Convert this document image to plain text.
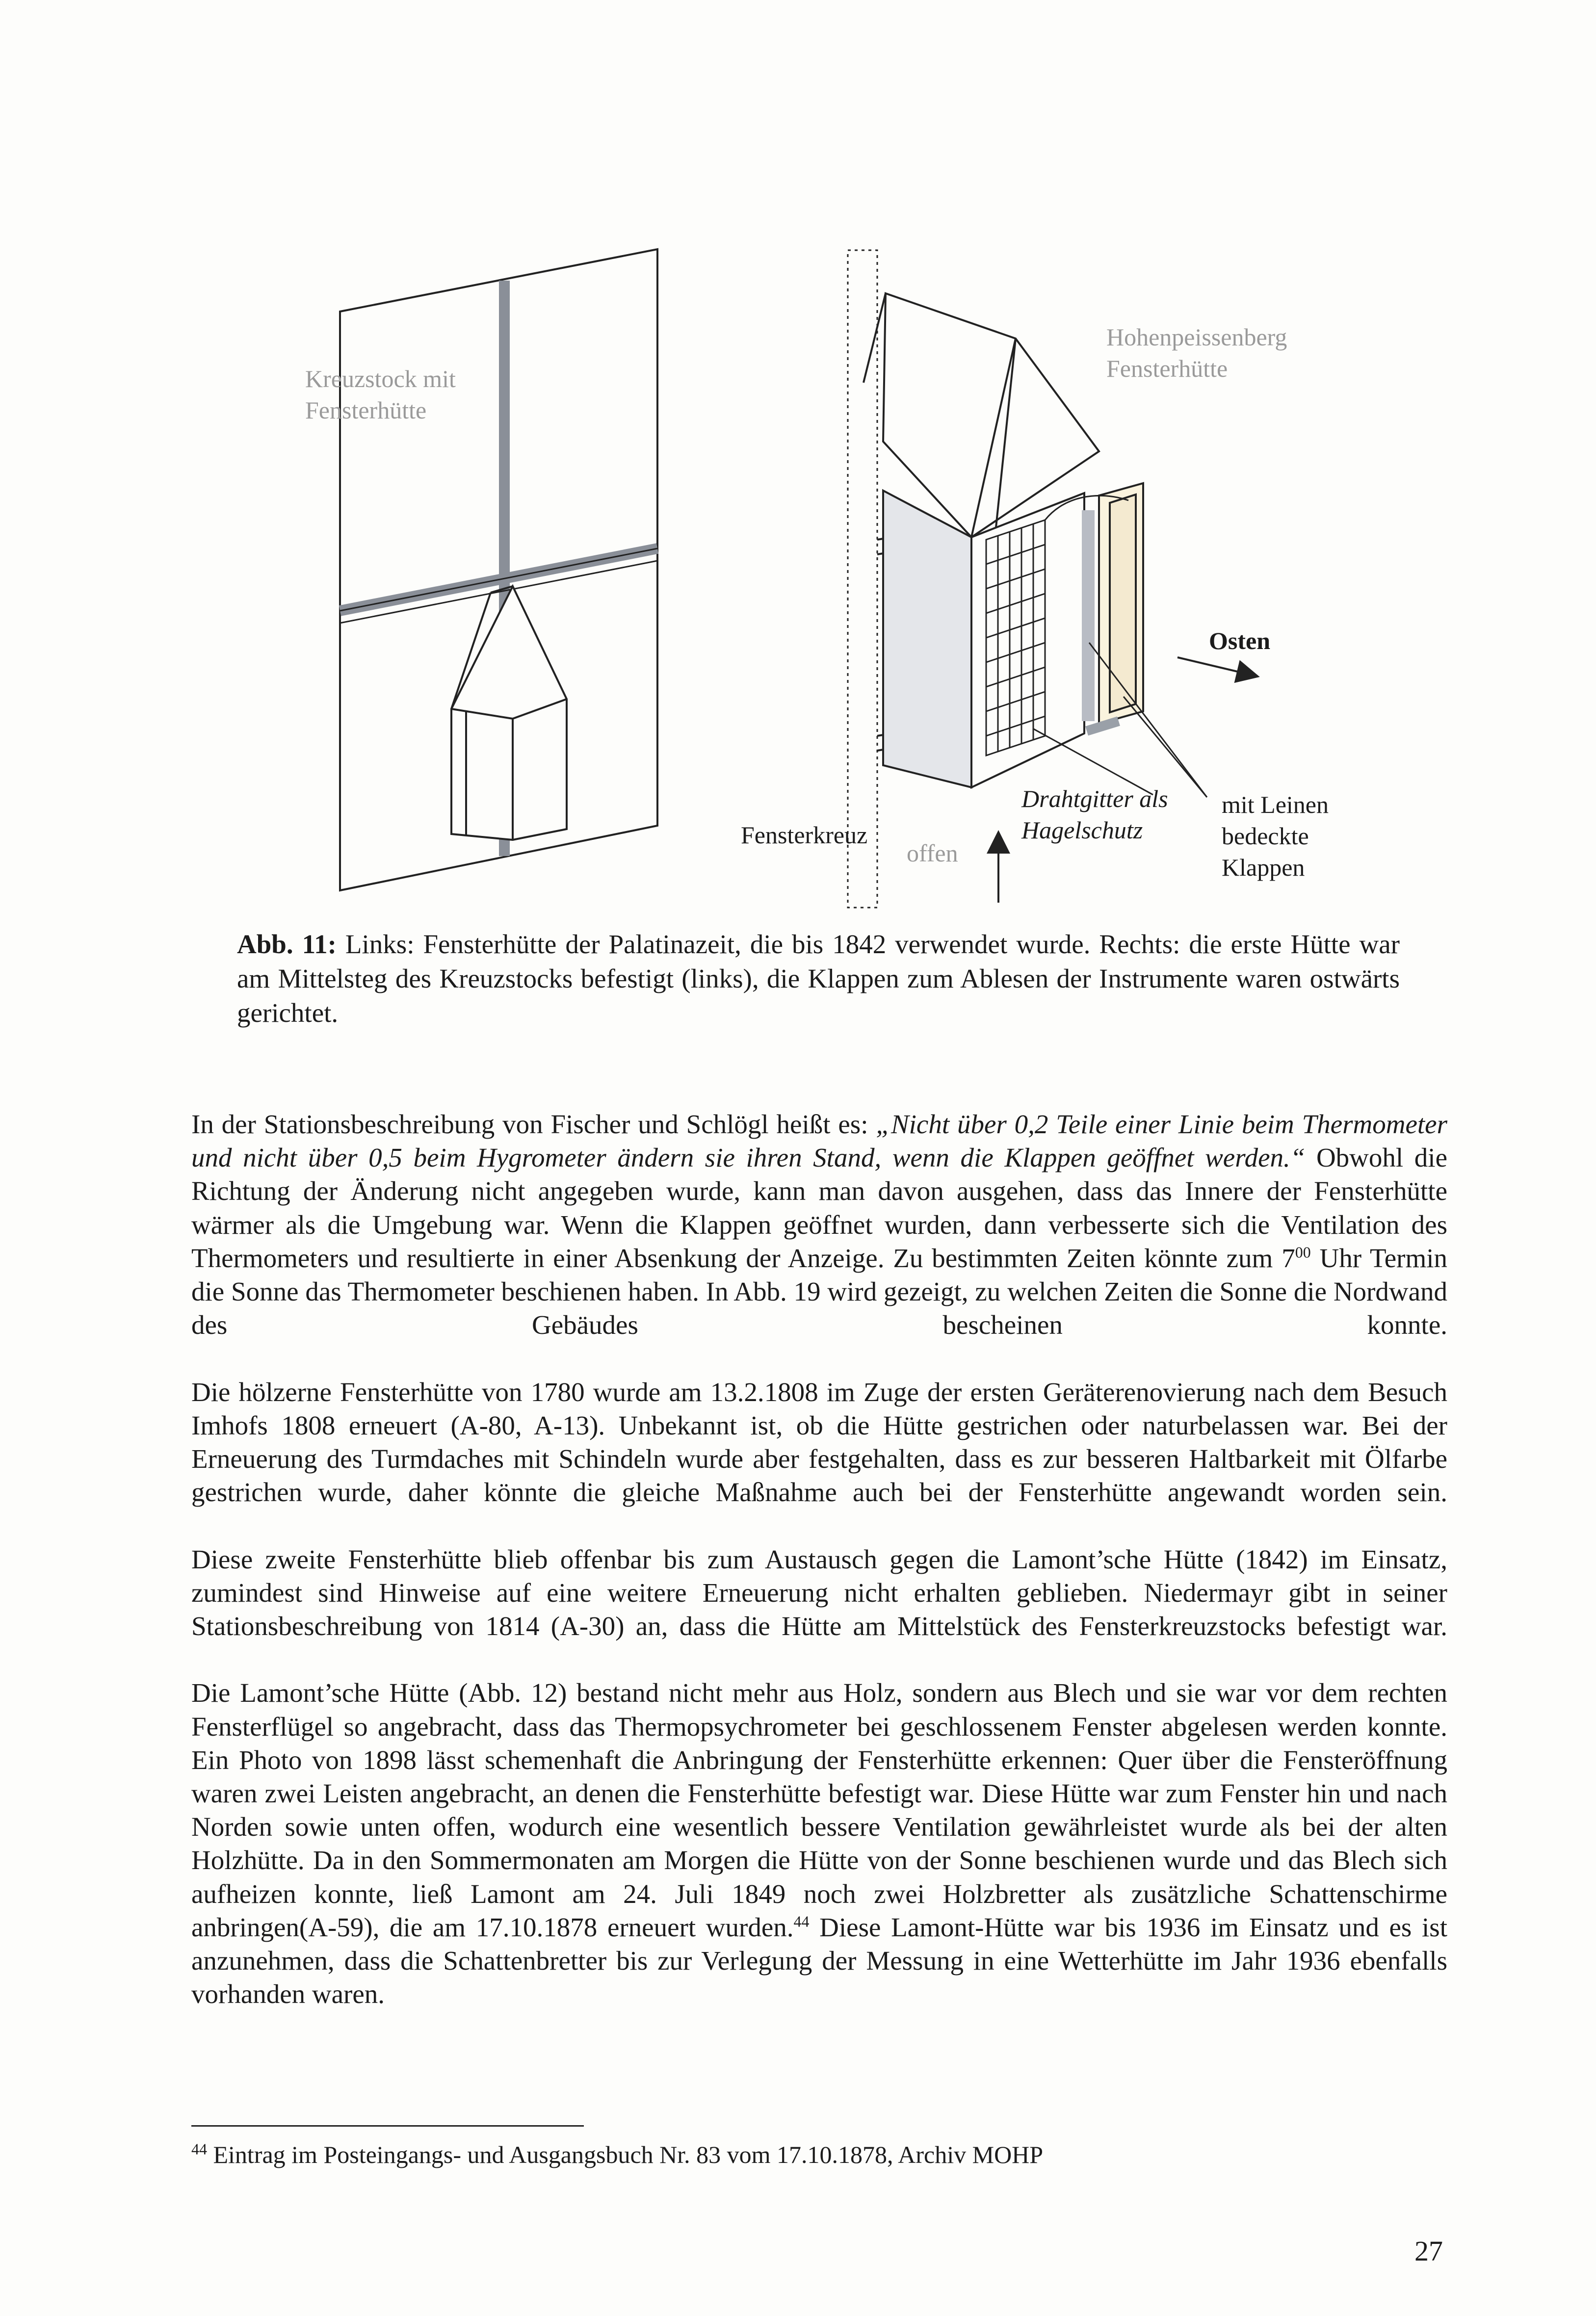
Kreuzstock mit
Fensterhütte
Hohenpeissenberg
Fensterhütte
Osten
Fensterkreuz
offen
Drahtgitter als
Hagelschutz
mit Leinen
bedeckte
Klappen
Abb. 11: Links: Fensterhütte der Palatinazeit, die bis 1842 verwendet wurde. Rechts: die erste Hütte war am Mittelsteg des Kreuzstocks befestigt (links), die Klappen zum Ablesen der Instrumente waren ostwärts gerichtet.

In der Stationsbeschreibung von Fischer und Schlögl heißt es: „Nicht über 0,2 Teile einer Linie beim Thermometer und nicht über 0,5 beim Hygrometer ändern sie ihren Stand, wenn die Klappen geöffnet werden.“ Obwohl die Richtung der Änderung nicht angegeben wurde, kann man davon ausgehen, dass das Innere der Fensterhütte wärmer als die Umgebung war. Wenn die Klappen geöffnet wurden, dann verbesserte sich die Ventilation des Thermometers und resultierte in einer Absenkung der Anzeige. Zu bestimmten Zeiten könnte zum $7^{00}$ Uhr Termin die Sonne das Thermometer beschienen haben. In Abb. 19 wird gezeigt, zu welchen Zeiten die Sonne die Nordwand des Gebäudes bescheinen konnte.

Die hölzerne Fensterhütte von 1780 wurde am 13.2.1808 im Zuge der ersten Geräterenovierung nach dem Besuch Imhofs 1808 erneuert (A-80, A-13). Unbekannt ist, ob die Hütte gestrichen oder naturbelassen war. Bei der Erneuerung des Turmdaches mit Schindeln wurde aber festgehalten, dass es zur besseren Haltbarkeit mit Ölfarbe gestrichen wurde, daher könnte die gleiche Maßnahme auch bei der Fensterhütte angewandt worden sein.

Diese zweite Fensterhütte blieb offenbar bis zum Austausch gegen die Lamont’sche Hütte (1842) im Einsatz, zumindest sind Hinweise auf eine weitere Erneuerung nicht erhalten geblieben. Niedermayr gibt in seiner Stationsbeschreibung von 1814 (A-30) an, dass die Hütte am Mittelstück des Fensterkreuzstocks befestigt war.

Die Lamont’sche Hütte (Abb. 12) bestand nicht mehr aus Holz, sondern aus Blech und sie war vor dem rechten Fensterflügel so angebracht, dass das Thermopsychrometer bei geschlossenem Fenster abgelesen werden konnte. Ein Photo von 1898 lässt schemenhaft die Anbringung der Fensterhütte erkennen: Quer über die Fensteröffnung waren zwei Leisten angebracht, an denen die Fensterhütte befestigt war. Diese Hütte war zum Fenster hin und nach Norden sowie unten offen, wodurch eine wesentlich bessere Ventilation gewährleistet wurde als bei der alten Holzhütte. Da in den Sommermonaten am Morgen die Hütte von der Sonne beschienen wurde und das Blech sich aufheizen konnte, ließ Lamont am 24. Juli 1849 noch zwei Holzbretter als zusätzliche Schattenschirme anbringen(A-59), die am 17.10.1878 erneuert wurden.$^{44}$ Diese Lamont-Hütte war bis 1936 im Einsatz und es ist anzunehmen, dass die Schattenbretter bis zur Verlegung der Messung in eine Wetterhütte im Jahr 1936 ebenfalls vorhanden waren.

$^{44}$ Eintrag im Posteingangs- und Ausgangsbuch Nr. 83 vom 17.10.1878, Archiv MOHP
27
